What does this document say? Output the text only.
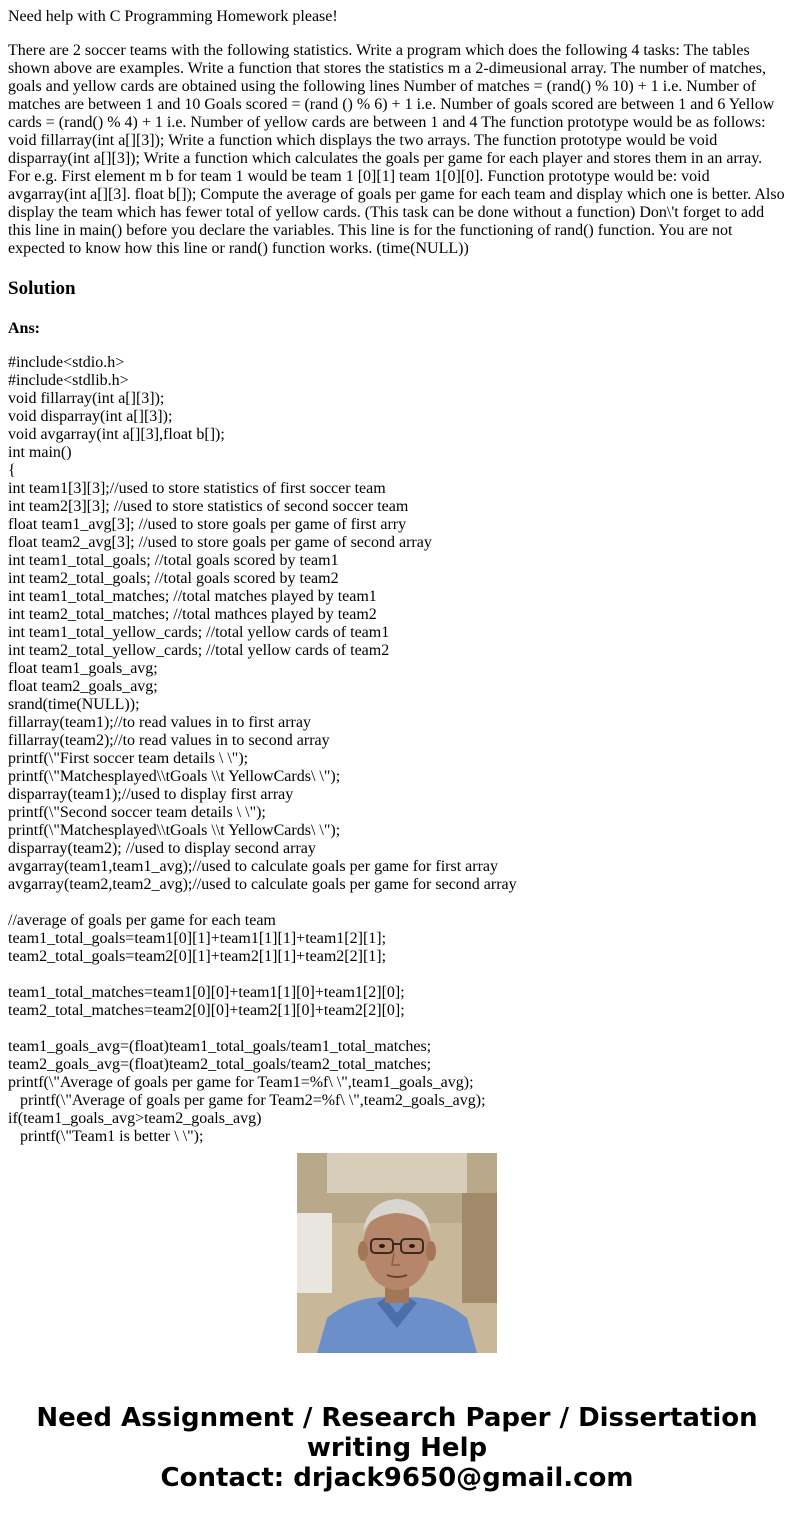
Need help with C Programming Homework please!
There are 2 soccer teams with the following statistics. Write a program which does the following 4 tasks: The tables shown above are examples. Write a function that stores the statistics m a 2-dimeusional array. The number of matches, goals and yellow cards are obtained using the following lines Number of matches = (rand() % 10) + 1 i.e. Number of matches are between 1 and 10 Goals scored = (rand () % 6) + 1 i.e. Number of goals scored are between 1 and 6 Yellow cards = (rand() % 4) + 1 i.e. Number of yellow cards are between 1 and 4 The function prototype would be as follows: void fillarray(int a[][3]); Write a function which displays the two arrays. The function prototype would be void disparray(int a[][3]); Write a function which calculates the goals per game for each player and stores them in an array. For e.g. First element m b for team 1 would be team 1 [0][1] team 1[0][0]. Function prototype would be: void avgarray(int a[][3]. float b[]); Compute the average of goals per game for each team and display which one is better. Also display the team which has fewer total of yellow cards. (This task can be done without a function) Don\'t forget to add this line in main() before you declare the variables. This line is for the functioning of rand() function. You are not expected to know how this line or rand() function works. (time(NULL))
Solution
Ans:
#include<stdio.h>
#include<stdlib.h>
void fillarray(int a[][3]);
void disparray(int a[][3]);
void avgarray(int a[][3],float b[]);
int main()
{
int team1[3][3];//used to store statistics of first soccer team
int team2[3][3]; //used to store statistics of second soccer team
float team1_avg[3]; //used to store goals per game of first arry
float team2_avg[3]; //used to store goals per game of second array
int team1_total_goals; //total goals scored by team1
int team2_total_goals; //total goals scored by team2
int team1_total_matches; //total matches played by team1
int team2_total_matches; //total mathces played by team2
int team1_total_yellow_cards; //total yellow cards of team1
int team2_total_yellow_cards; //total yellow cards of team2
float team1_goals_avg;
float team2_goals_avg;
srand(time(NULL));
fillarray(team1);//to read values in to first array
fillarray(team2);//to read values in to second array
printf(\"First soccer team details \ \");
printf(\"Matchesplayed\\tGoals \\t YellowCards\ \");
disparray(team1);//used to display first array
printf(\"Second soccer team details \ \");
printf(\"Matchesplayed\\tGoals \\t YellowCards\ \");
disparray(team2); //used to display second array
avgarray(team1,team1_avg);//used to calculate goals per game for first array
avgarray(team2,team2_avg);//used to calculate goals per game for second array
//average of goals per game for each team
team1_total_goals=team1[0][1]+team1[1][1]+team1[2][1];
team2_total_goals=team2[0][1]+team2[1][1]+team2[2][1];
team1_total_matches=team1[0][0]+team1[1][0]+team1[2][0];
team2_total_matches=team2[0][0]+team2[1][0]+team2[2][0];
team1_goals_avg=(float)team1_total_goals/team1_total_matches;
team2_goals_avg=(float)team2_total_goals/team2_total_matches;
printf(\"Average of goals per game for Team1=%f\ \",team1_goals_avg);
printf(\"Average of goals per game for Team2=%f\ \",team2_goals_avg);
if(team1_goals_avg>team2_goals_avg)
printf(\"Team1 is better \ \");
Need Assignment / Research Paper / Dissertation
writing Help
Contact: drjack9650@gmail.com
